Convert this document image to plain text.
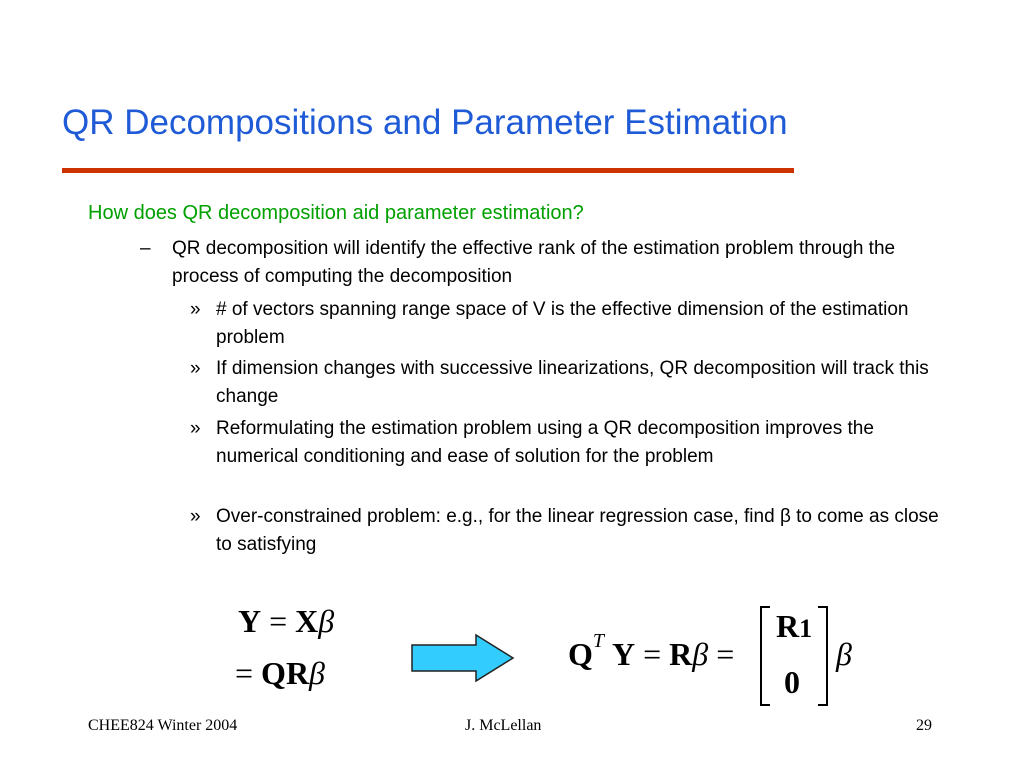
QR Decompositions and Parameter Estimation

How does QR decomposition aid parameter estimation?

– QR decomposition will identify the effective rank of the estimation problem through the process of computing the decomposition

» # of vectors spanning range space of V is the effective dimension of the estimation problem

» If dimension changes with successive linearizations, QR decomposition will track this change

» Reformulating the estimation problem using a QR decomposition improves the numerical conditioning and ease of solution for the problem

» Over-constrained problem: e.g., for the linear regression case, find β to come as close to satisfying

Y = Xβ
= QRβ
$Q^T$ Y = Rβ =
R1
0
β
CHEE824 Winter 2004	J. McLellan	29
